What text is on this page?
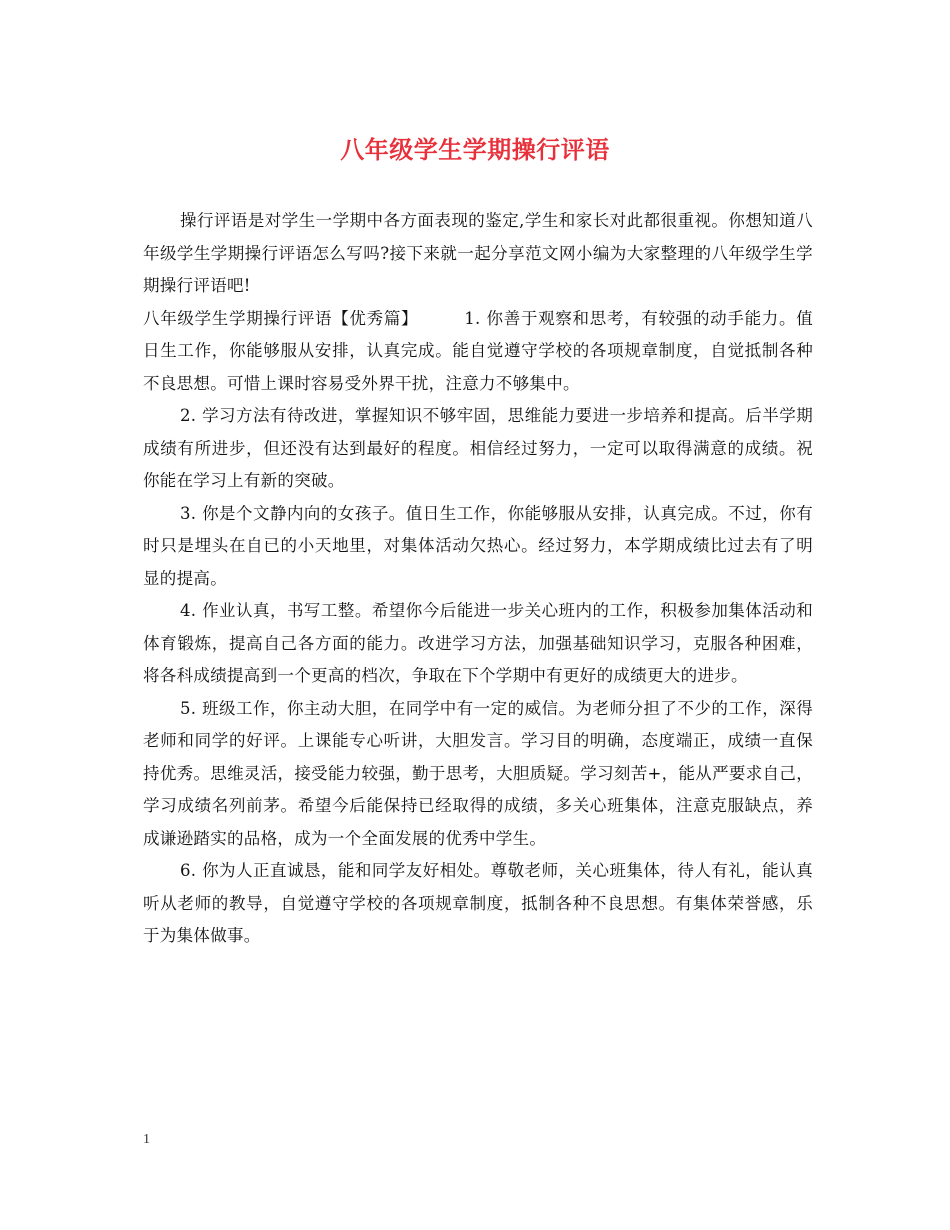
八年级学生学期操行评语

操行评语是对学生一学期中各方面表现的鉴定,学生和家长对此都很重视。你想知道八年级学生学期操行评语怎么写吗?接下来就一起分享范文网小编为大家整理的八年级学生学期操行评语吧!

八年级学生学期操行评语【优秀篇】	1. 你善于观察和思考，有较强的动手能力。值日生工作，你能够服从安排，认真完成。能自觉遵守学校的各项规章制度，自觉抵制各种不良思想。可惜上课时容易受外界干扰，注意力不够集中。

2. 学习方法有待改进，掌握知识不够牢固，思维能力要进一步培养和提高。后半学期成绩有所进步，但还没有达到最好的程度。相信经过努力，一定可以取得满意的成绩。祝你能在学习上有新的突破。

3. 你是个文静内向的女孩子。值日生工作，你能够服从安排，认真完成。不过，你有时只是埋头在自已的小天地里，对集体活动欠热心。经过努力，本学期成绩比过去有了明显的提高。

4. 作业认真，书写工整。希望你今后能进一步关心班内的工作，积极参加集体活动和体育锻炼，提高自己各方面的能力。改进学习方法，加强基础知识学习，克服各种困难，将各科成绩提高到一个更高的档次，争取在下个学期中有更好的成绩更大的进步。

5. 班级工作，你主动大胆，在同学中有一定的威信。为老师分担了不少的工作，深得老师和同学的好评。上课能专心听讲，大胆发言。学习目的明确，态度端正，成绩一直保持优秀。思维灵活，接受能力较强，勤于思考，大胆质疑。学习刻苦+，能从严要求自己，学习成绩名列前茅。希望今后能保持已经取得的成绩，多关心班集体，注意克服缺点，养成谦逊踏实的品格，成为一个全面发展的优秀中学生。

6. 你为人正直诚恳，能和同学友好相处。尊敬老师，关心班集体，待人有礼，能认真听从老师的教导，自觉遵守学校的各项规章制度，抵制各种不良思想。有集体荣誉感，乐于为集体做事。

1
